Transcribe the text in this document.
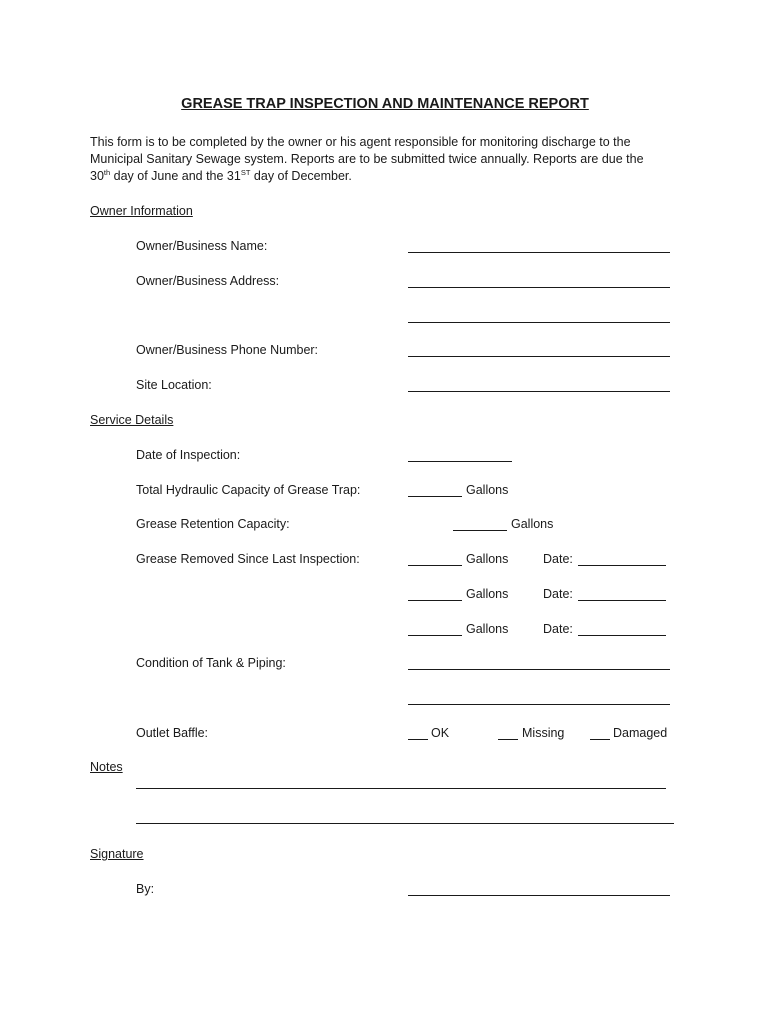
GREASE TRAP INSPECTION AND MAINTENANCE REPORT

This form is to be completed by the owner or his agent responsible for monitoring discharge to the

Municipal Sanitary Sewage system. Reports are to be submitted twice annually. Reports are due the

30th day of June and the 31ST day of December.

Owner Information
Owner/Business Name:
Owner/Business Address:
Owner/Business Phone Number:
Site Location:
Service Details
Date of Inspection:
Total Hydraulic Capacity of Grease Trap:	Gallons
Grease Retention Capacity:	Gallons
Grease Removed Since Last Inspection:	Gallons	Date:
Gallons	Date:
Gallons	Date:
Condition of Tank & Piping:
Outlet Baffle:	OK	Missing	Damaged
Notes
Signature
By:
